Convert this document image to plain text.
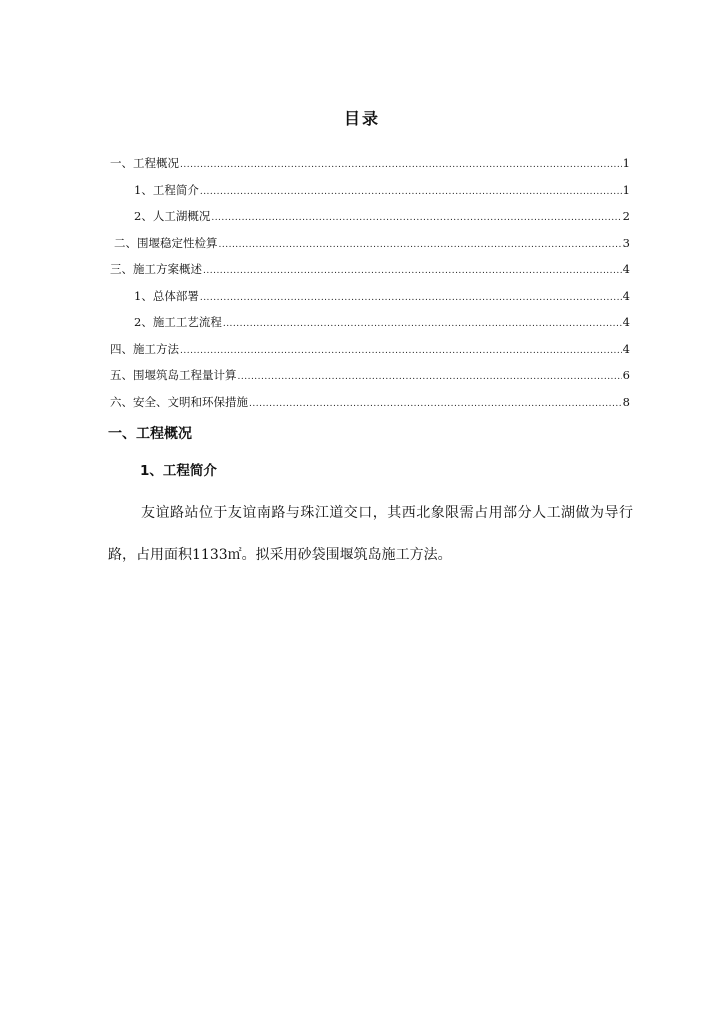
目录
一、工程概况 .....	1
1、工程简介 .....	1
2、人工湖概况 .....	2
二、围堰稳定性检算 .....	3
三、施工方案概述 .....	4
1、总体部署 .....	4
2、施工工艺流程 .....	4
四、施工方法 .....	4
五、围堰筑岛工程量计算 .....	6
六、安全、文明和环保措施 .....	8
一、工程概况
1、工程简介
友谊路站位于友谊南路与珠江道交口，其西北象限需占用部分人工湖做为导行路，占用面积1133㎡。拟采用砂袋围堰筑岛施工方法。
